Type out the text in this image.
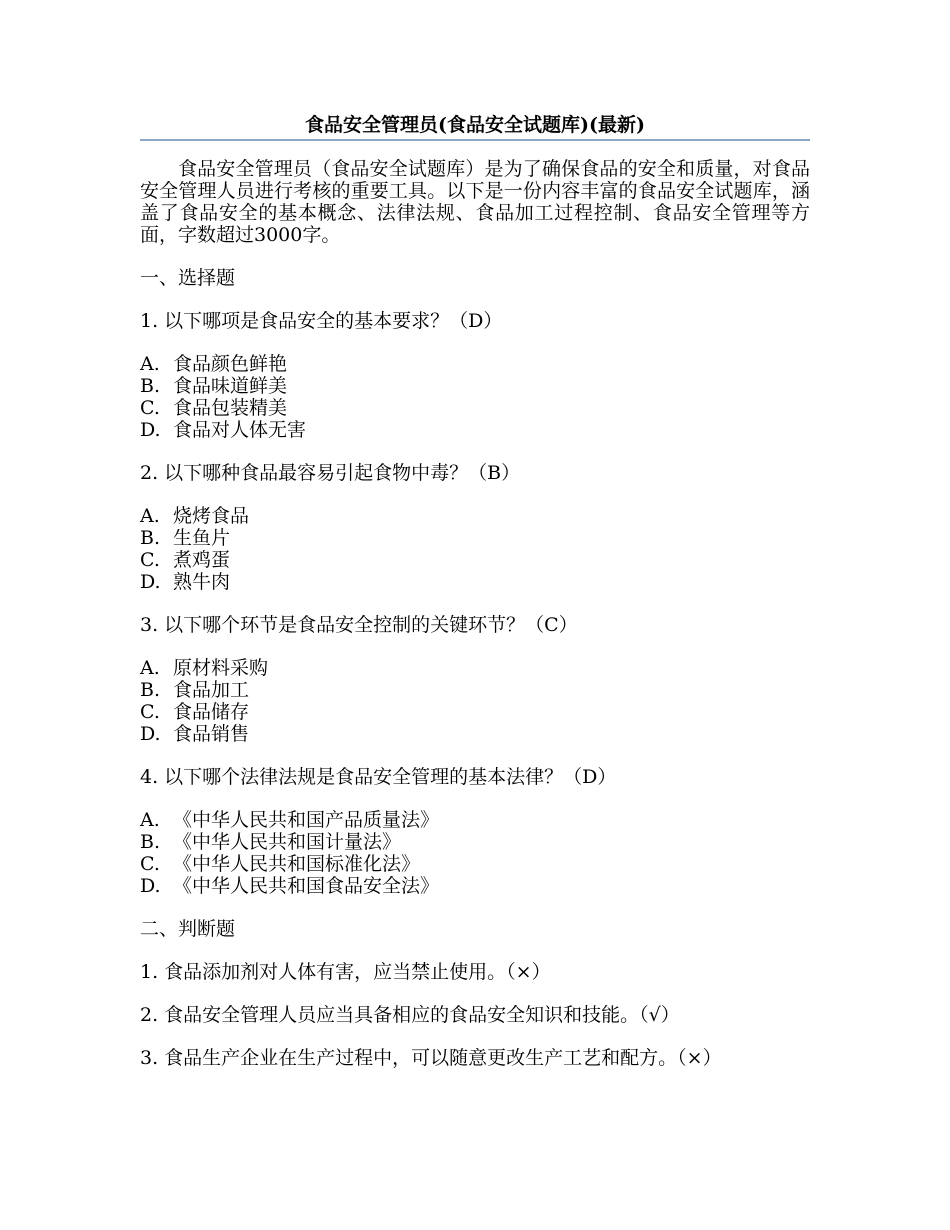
食品安全管理员(食品安全试题库)(最新)

食品安全管理员（食品安全试题库）是为了确保食品的安全和质量，对食品安全管理人员进行考核的重要工具。以下是一份内容丰富的食品安全试题库，涵盖了食品安全的基本概念、法律法规、食品加工过程控制、食品安全管理等方面，字数超过3000字。

一、选择题

1. 以下哪项是食品安全的基本要求？（D）

A. 食品颜色鲜艳
B. 食品味道鲜美
C. 食品包装精美
D. 食品对人体无害

2. 以下哪种食品最容易引起食物中毒？（B）

A. 烧烤食品
B. 生鱼片
C. 煮鸡蛋
D. 熟牛肉

3. 以下哪个环节是食品安全控制的关键环节？（C）

A. 原材料采购
B. 食品加工
C. 食品储存
D. 食品销售

4. 以下哪个法律法规是食品安全管理的基本法律？（D）

A. 《中华人民共和国产品质量法》
B. 《中华人民共和国计量法》
C. 《中华人民共和国标准化法》
D. 《中华人民共和国食品安全法》

二、判断题

1. 食品添加剂对人体有害，应当禁止使用。（×）

2. 食品安全管理人员应当具备相应的食品安全知识和技能。（√）

3. 食品生产企业在生产过程中，可以随意更改生产工艺和配方。（×）
